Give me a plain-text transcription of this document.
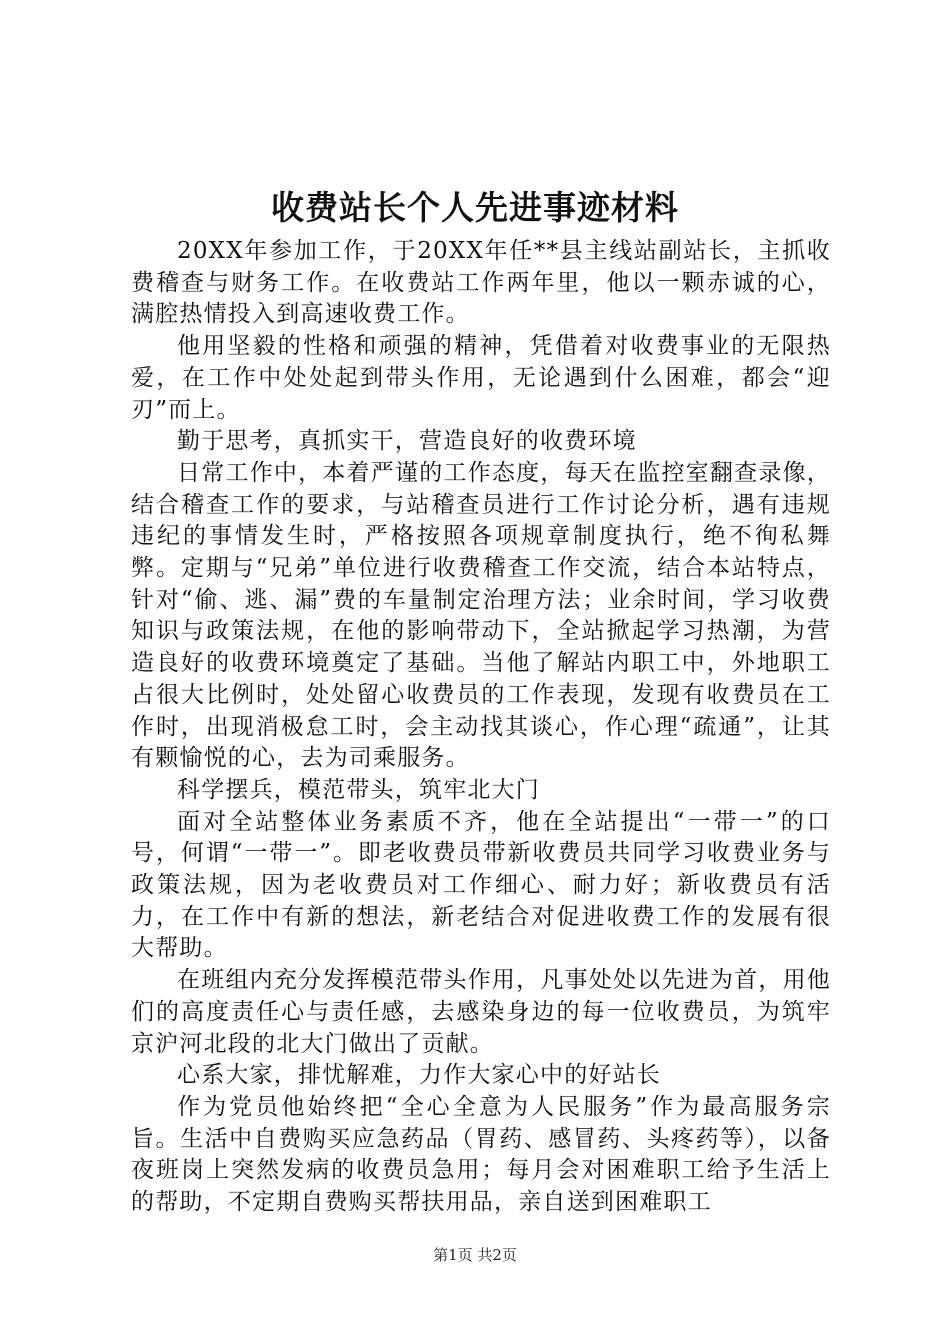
收费站长个人先进事迹材料

20XX年参加工作，于20XX年任**县主线站副站长，主抓收费稽查与财务工作。在收费站工作两年里，他以一颗赤诚的心，满腔热情投入到高速收费工作。

他用坚毅的性格和顽强的精神，凭借着对收费事业的无限热爱，在工作中处处起到带头作用，无论遇到什么困难，都会“迎刃”而上。

勤于思考，真抓实干，营造良好的收费环境

日常工作中，本着严谨的工作态度，每天在监控室翻查录像，结合稽查工作的要求，与站稽查员进行工作讨论分析，遇有违规违纪的事情发生时，严格按照各项规章制度执行，绝不徇私舞弊。定期与“兄弟”单位进行收费稽查工作交流，结合本站特点，针对“偷、逃、漏”费的车量制定治理方法；业余时间，学习收费知识与政策法规，在他的影响带动下，全站掀起学习热潮，为营造良好的收费环境奠定了基础。当他了解站内职工中，外地职工占很大比例时，处处留心收费员的工作表现，发现有收费员在工作时，出现消极怠工时，会主动找其谈心，作心理“疏通”，让其有颗愉悦的心，去为司乘服务。

科学摆兵，模范带头，筑牢北大门

面对全站整体业务素质不齐，他在全站提出“一带一”的口号，何谓“一带一”。即老收费员带新收费员共同学习收费业务与政策法规，因为老收费员对工作细心、耐力好；新收费员有活力，在工作中有新的想法，新老结合对促进收费工作的发展有很大帮助。

在班组内充分发挥模范带头作用，凡事处处以先进为首，用他们的高度责任心与责任感，去感染身边的每一位收费员，为筑牢京沪河北段的北大门做出了贡献。

心系大家，排忧解难，力作大家心中的好站长

作为党员他始终把“全心全意为人民服务”作为最高服务宗旨。生活中自费购买应急药品（胃药、感冒药、头疼药等），以备夜班岗上突然发病的收费员急用；每月会对困难职工给予生活上的帮助，不定期自费购买帮扶用品，亲自送到困难职工

第1页 共2页
